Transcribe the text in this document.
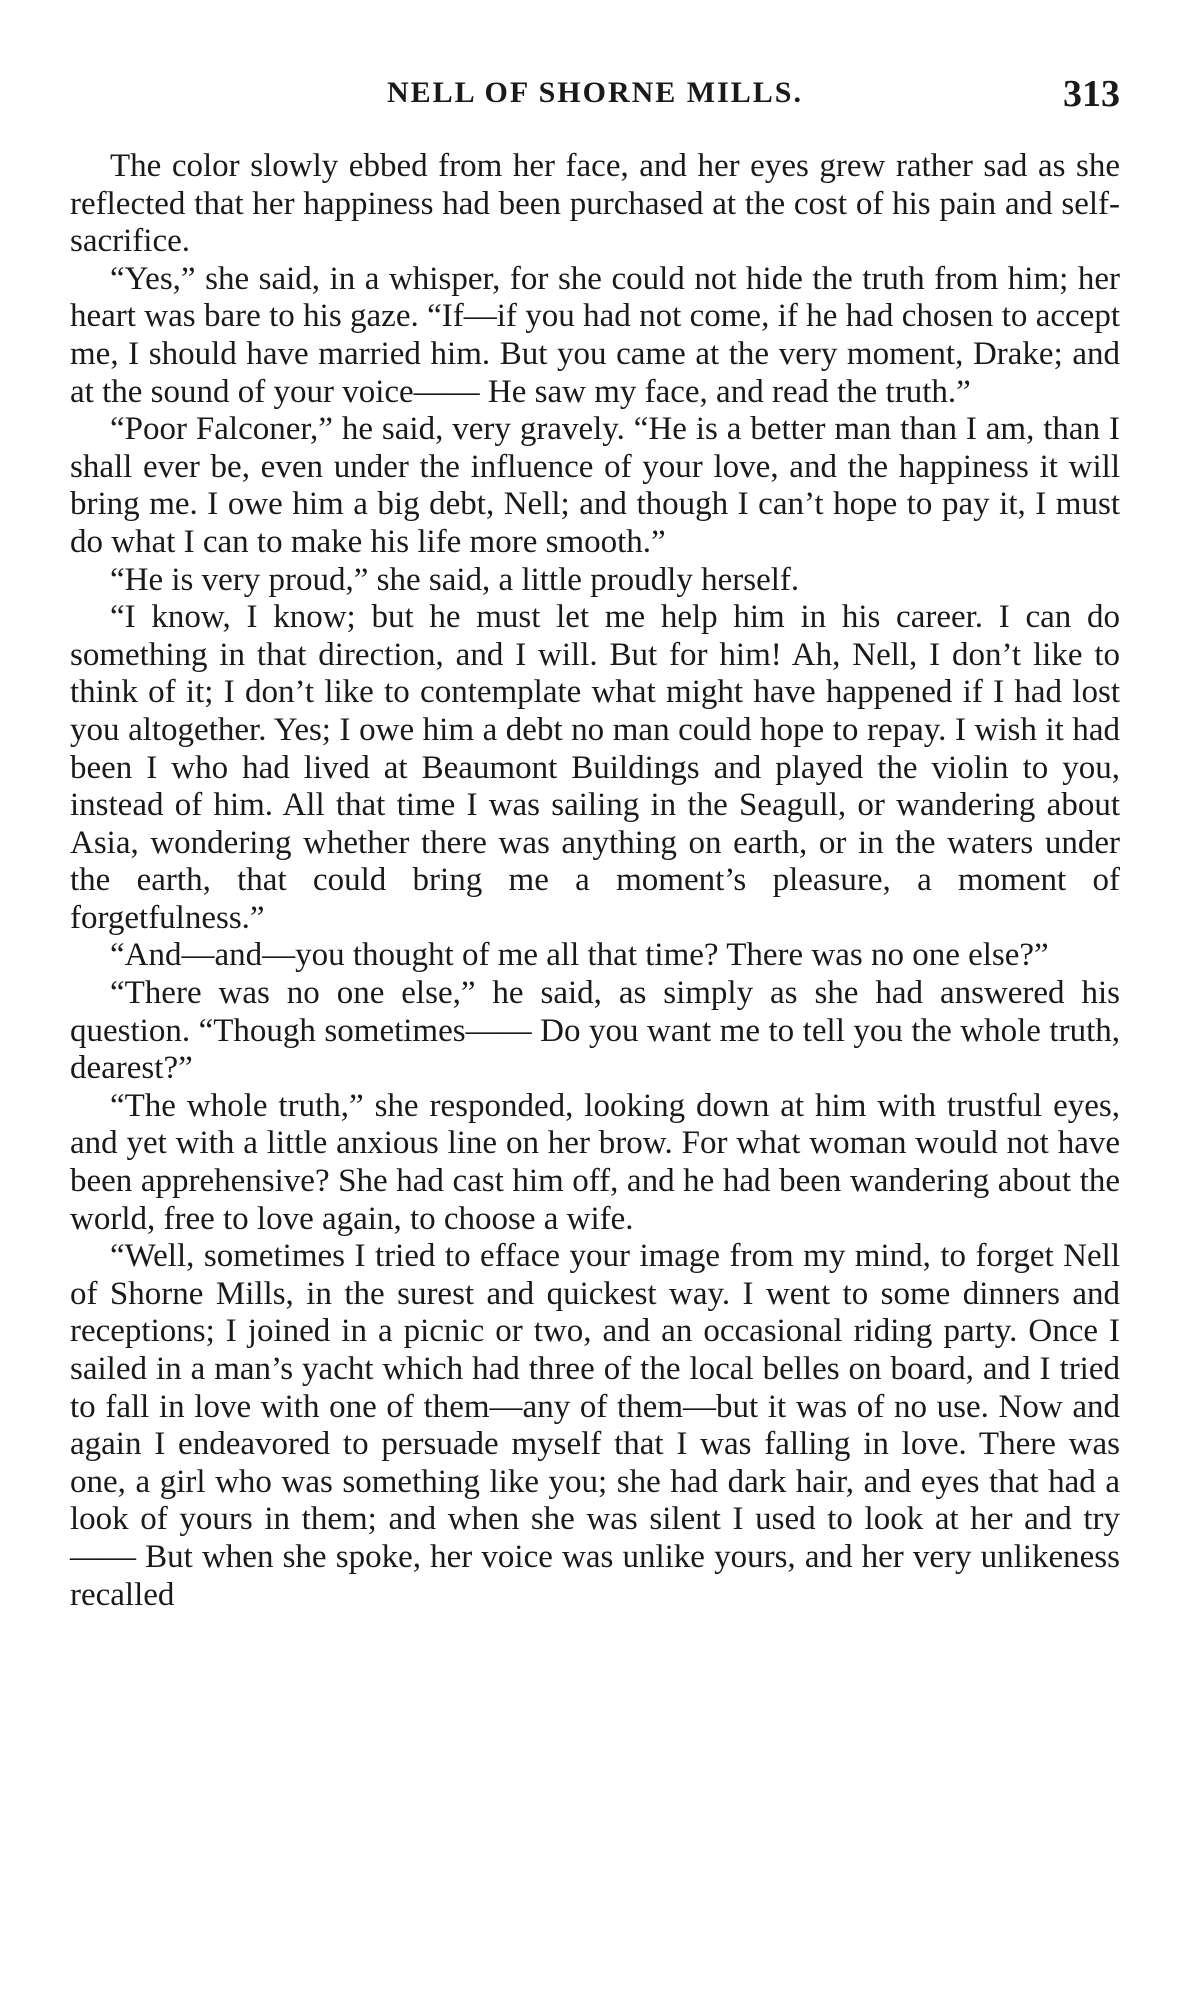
NELL OF SHORNE MILLS.	313

The color slowly ebbed from her face, and her eyes grew rather sad as she reflected that her happiness had been purchased at the cost of his pain and self-sacrifice.

“Yes,” she said, in a whisper, for she could not hide the truth from him; her heart was bare to his gaze. “If—if you had not come, if he had chosen to accept me, I should have married him. But you came at the very moment, Drake; and at the sound of your voice—— He saw my face, and read the truth.”

“Poor Falconer,” he said, very gravely. “He is a better man than I am, than I shall ever be, even under the influence of your love, and the happiness it will bring me. I owe him a big debt, Nell; and though I can’t hope to pay it, I must do what I can to make his life more smooth.”

“He is very proud,” she said, a little proudly herself.

“I know, I know; but he must let me help him in his career. I can do something in that direction, and I will. But for him! Ah, Nell, I don’t like to think of it; I don’t like to contemplate what might have happened if I had lost you altogether. Yes; I owe him a debt no man could hope to repay. I wish it had been I who had lived at Beaumont Buildings and played the violin to you, instead of him. All that time I was sailing in the Seagull, or wandering about Asia, wondering whether there was anything on earth, or in the waters under the earth, that could bring me a moment’s pleasure, a moment of forgetfulness.”

“And—and—you thought of me all that time? There was no one else?”

“There was no one else,” he said, as simply as she had answered his question. “Though sometimes—— Do you want me to tell you the whole truth, dearest?”

“The whole truth,” she responded, looking down at him with trustful eyes, and yet with a little anxious line on her brow. For what woman would not have been apprehensive? She had cast him off, and he had been wandering about the world, free to love again, to choose a wife.

“Well, sometimes I tried to efface your image from my mind, to forget Nell of Shorne Mills, in the surest and quickest way. I went to some dinners and receptions; I joined in a picnic or two, and an occasional riding party. Once I sailed in a man’s yacht which had three of the local belles on board, and I tried to fall in love with one of them—any of them—but it was of no use. Now and again I endeavored to persuade myself that I was falling in love. There was one, a girl who was something like you; she had dark hair, and eyes that had a look of yours in them; and when she was silent I used to look at her and try—— But when she spoke, her voice was unlike yours, and her very unlikeness recalled
